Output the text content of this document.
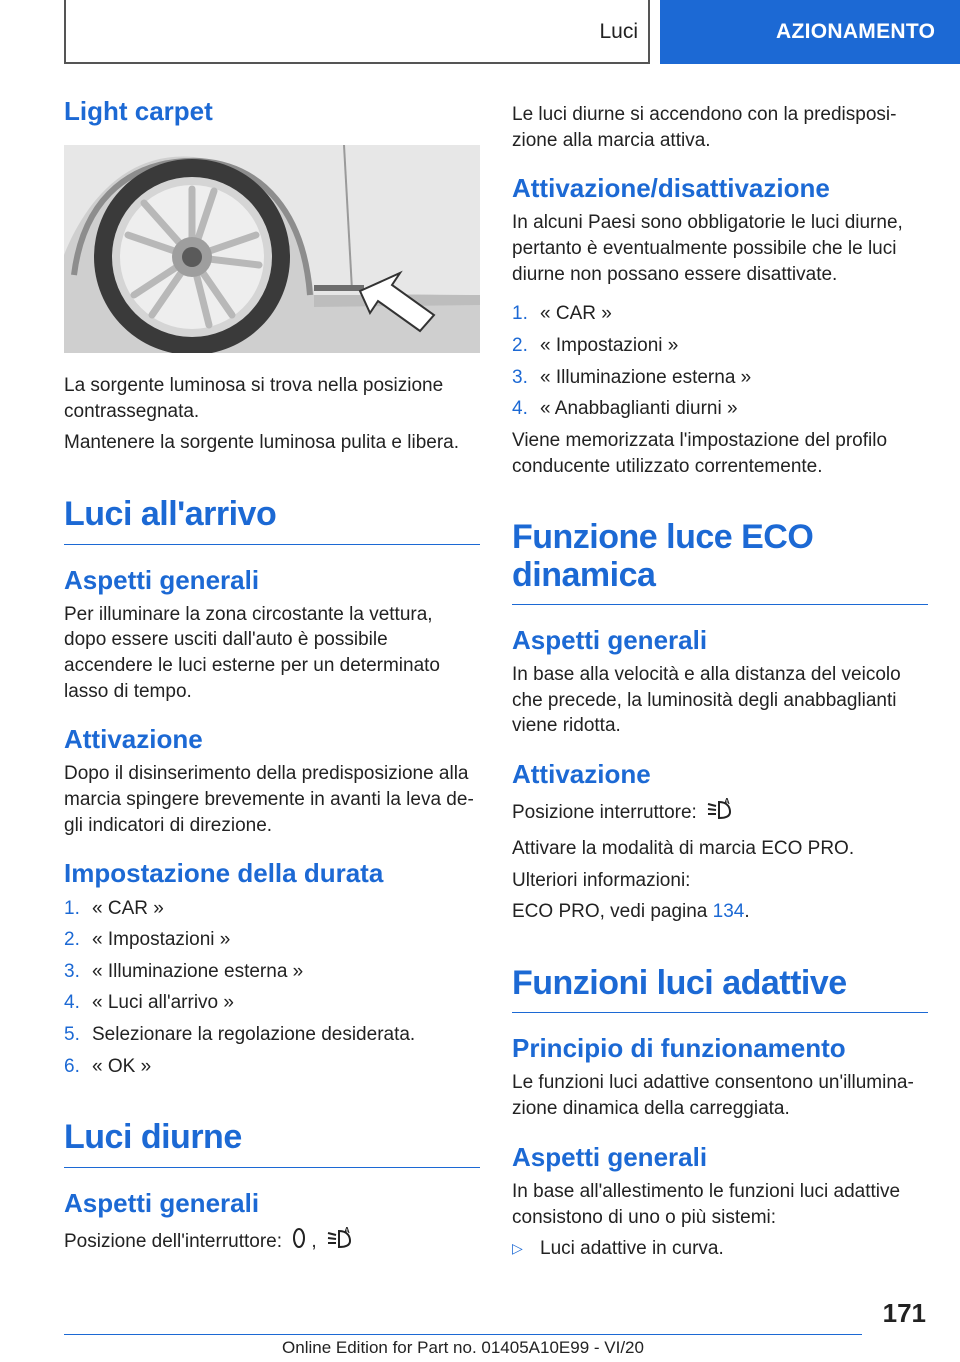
Luci	AZIONAMENTO
Light carpet

La sorgente luminosa si trova nella posizione contrassegnata.

Mantenere la sorgente luminosa pulita e libera.

Luci all'arrivo
Aspetti generali

Per illuminare la zona circostante la vettura, dopo essere usciti dall'auto è possibile accendere le luci esterne per un determinato lasso di tempo.

Attivazione

Dopo il disinserimento della predisposizione alla marcia spingere brevemente in avanti la leva de-gli indicatori di direzione.

Impostazione della durata
1. « CAR »
2. « Impostazioni »
3. « Illuminazione esterna »
4. « Luci all'arrivo »
5. Selezionare la regolazione desiderata.
6. « OK »
Luci diurne
Aspetti generali

Posizione dell'interruttore: ,
A

Le luci diurne si accendono con la predisposi-zione alla marcia attiva.

Attivazione/disattivazione

In alcuni Paesi sono obbligatorie le luci diurne, pertanto è eventualmente possibile che le luci diurne non possano essere disattivate.

1. « CAR »
2. « Impostazioni »
3. « Illuminazione esterna »
4. « Anabbaglianti diurni »

Viene memorizzata l'impostazione del profilo conducente utilizzato correntemente.

Funzione luce ECO dinamica
Aspetti generali

In base alla velocità e alla distanza del veicolo che precede, la luminosità degli anabbaglianti viene ridotta.

Attivazione

Posizione interruttore:
A

Attivare la modalità di marcia ECO PRO.

Ulteriori informazioni:

ECO PRO, vedi pagina 134.

Funzioni luci adattive
Principio di funzionamento

Le funzioni luci adattive consentono un'illumina-zione dinamica della carreggiata.

Aspetti generali

In base all'allestimento le funzioni luci adattive consistono di uno o più sistemi:

▷ Luci adattive in curva.
171
Online Edition for Part no. 01405A10E99 - VI/20
